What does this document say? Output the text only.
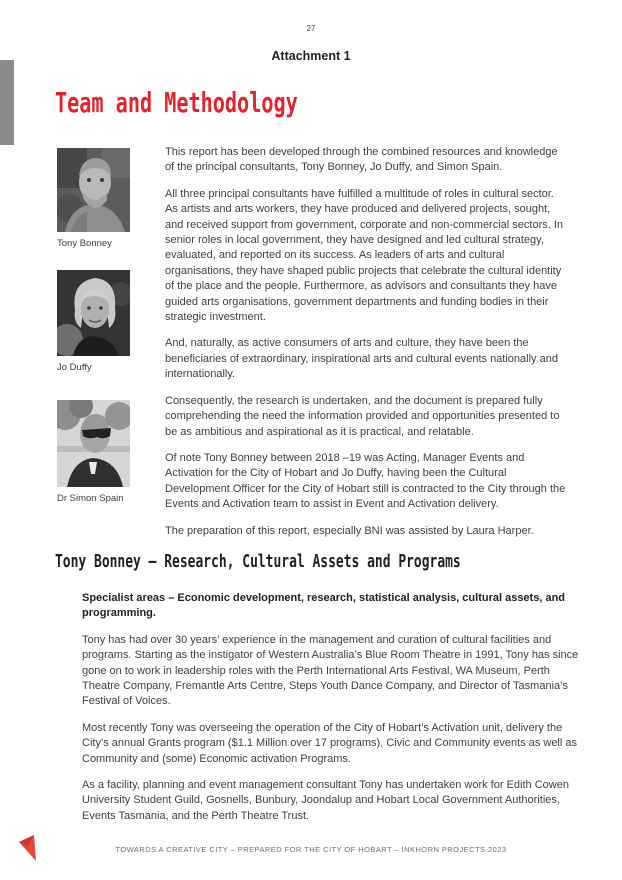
27
Attachment 1
Team and Methodology
Tony Bonney
Jo Duffy
Dr Simon Spain

This report has been developed through the combined resources and knowledge of the principal consultants, Tony Bonney, Jo Duffy, and Simon Spain.

All three principal consultants have fulfilled a multitude of roles in cultural sector. As artists and arts workers, they have produced and delivered projects, sought, and received support from government, corporate and non-commercial sectors. In senior roles in local government, they have designed and led cultural strategy, evaluated, and reported on its success. As leaders of arts and cultural organisations, they have shaped public projects that celebrate the cultural identity of the place and the people. Furthermore, as advisors and consultants they have guided arts organisations, government departments and funding bodies in their strategic investment.

And, naturally, as active consumers of arts and culture, they have been the beneficiaries of extraordinary, inspirational arts and cultural events nationally and internationally.

Consequently, the research is undertaken, and the document is prepared fully comprehending the need the information provided and opportunities presented to be as ambitious and aspirational as it is practical, and relatable.

Of note Tony Bonney between 2018 –19 was Acting, Manager Events and Activation for the City of Hobart and Jo Duffy, having been the Cultural Development Officer for the City of Hobart still is contracted to the City through the Events and Activation team to assist in Event and Activation delivery.

The preparation of this report, especially BNI was assisted by Laura Harper.

Tony Bonney — Research, Cultural Assets and Programs

Specialist areas – Economic development, research, statistical analysis, cultural assets, and programming.

Tony has had over 30 years’ experience in the management and curation of cultural facilities and programs. Starting as the instigator of Western Australia’s Blue Room Theatre in 1991, Tony has since gone on to work in leadership roles with the Perth International Arts Festival, WA Museum, Perth Theatre Company, Fremantle Arts Centre, Steps Youth Dance Company, and Director of Tasmania’s Festival of Voices.

Most recently Tony was overseeing the operation of the City of Hobart’s Activation unit, delivery the City’s annual Grants program ($1.1 Million over 17 programs), Civic and Community events as well as Community and (some) Economic activation Programs.

As a facility, planning and event management consultant Tony has undertaken work for Edith Cowen University Student Guild, Gosnells, Bunbury, Joondalup and Hobart Local Government Authorities, Events Tasmania, and the Perth Theatre Trust.

TOWARDS A CREATIVE CITY – PREPARED FOR THE CITY OF HOBART – INKHORN PROJECTS 2023
